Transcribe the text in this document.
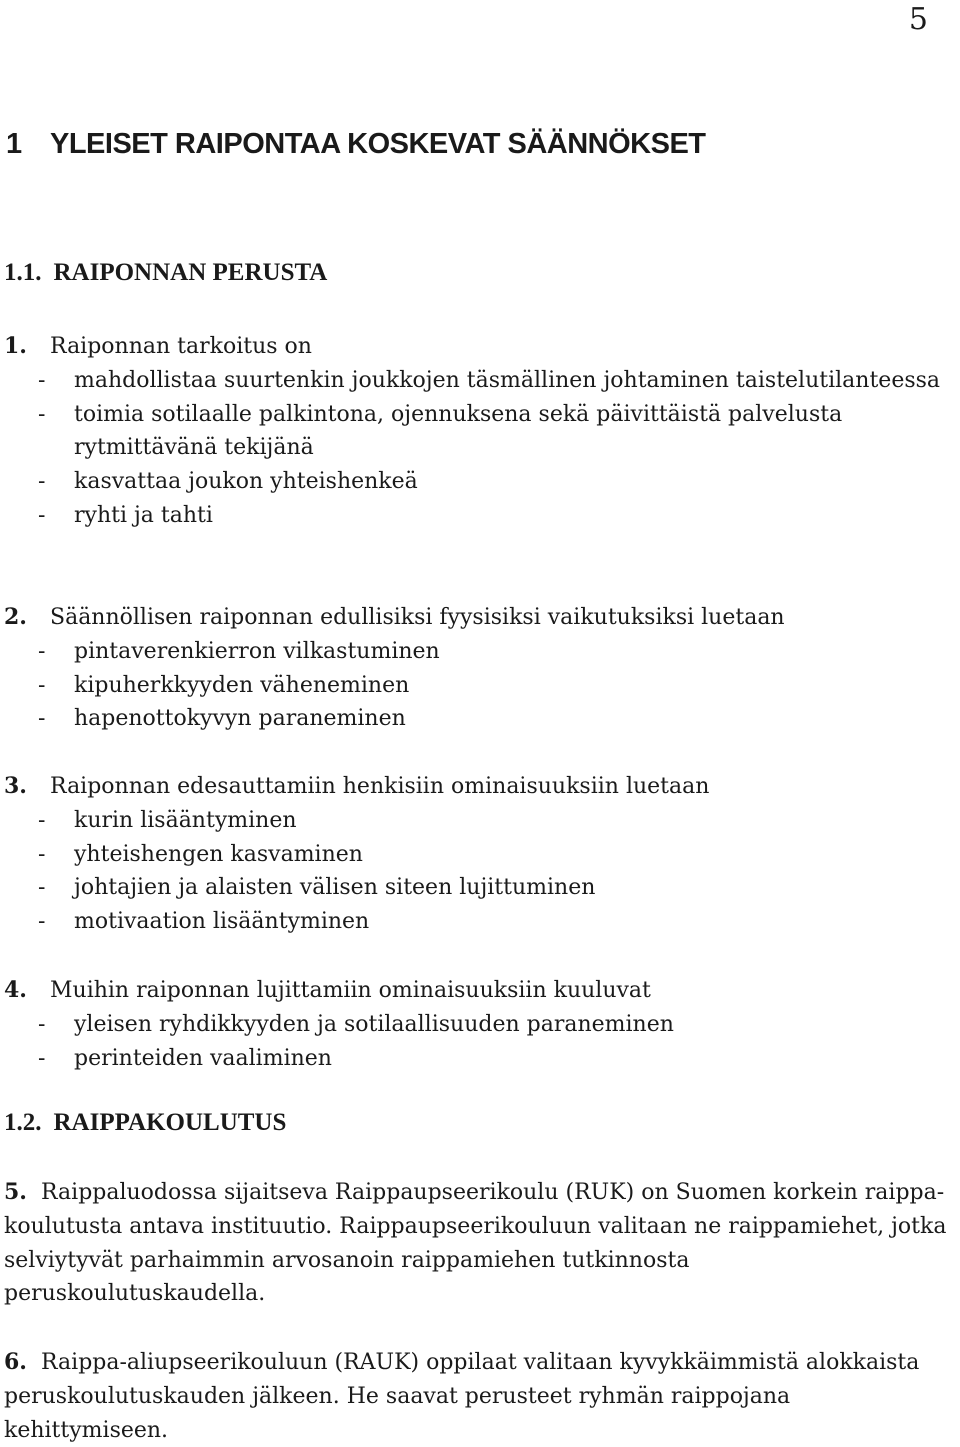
5
1 YLEISET RAIPONTAA KOSKEVAT SÄÄNNÖKSET
1.1. RAIPONNAN PERUSTA
1.	Raiponnan tarkoitus on
-	mahdollistaa suurtenkin joukkojen täsmällinen johtaminen taistelutilanteessa
-	toimia sotilaalle palkintona, ojennuksena sekä päivittäistä palvelusta rytmittävänä tekijänä
-	kasvattaa joukon yhteishenkeä
-	ryhti ja tahti
2.	Säännöllisen raiponnan edullisiksi fyysisiksi vaikutuksiksi luetaan
-	pintaverenkierron vilkastuminen
-	kipuherkkyyden väheneminen
-	hapenottokyvyn paraneminen
3.	Raiponnan edesauttamiin henkisiin ominaisuuksiin luetaan
-	kurin lisääntyminen
-	yhteishengen kasvaminen
-	johtajien ja alaisten välisen siteen lujittuminen
-	motivaation lisääntyminen
4.	Muihin raiponnan lujittamiin ominaisuuksiin kuuluvat
-	yleisen ryhdikkyyden ja sotilaallisuuden paraneminen
-	perinteiden vaaliminen
1.2. RAIPPAKOULUTUS
5. Raippaluodossa sijaitseva Raippaupseerikoulu (RUK) on Suomen korkein raippa-koulutusta antava instituutio. Raippaupseerikouluun valitaan ne raippamiehet, jotka selviytyvät parhaimmin arvosanoin raippamiehen tutkinnosta peruskoulutuskaudella.
6. Raippa-aliupseerikouluun (RAUK) oppilaat valitaan kyvykkäimmistä alokkaista peruskoulutuskauden jälkeen. He saavat perusteet ryhmän raippojana kehittymiseen.
